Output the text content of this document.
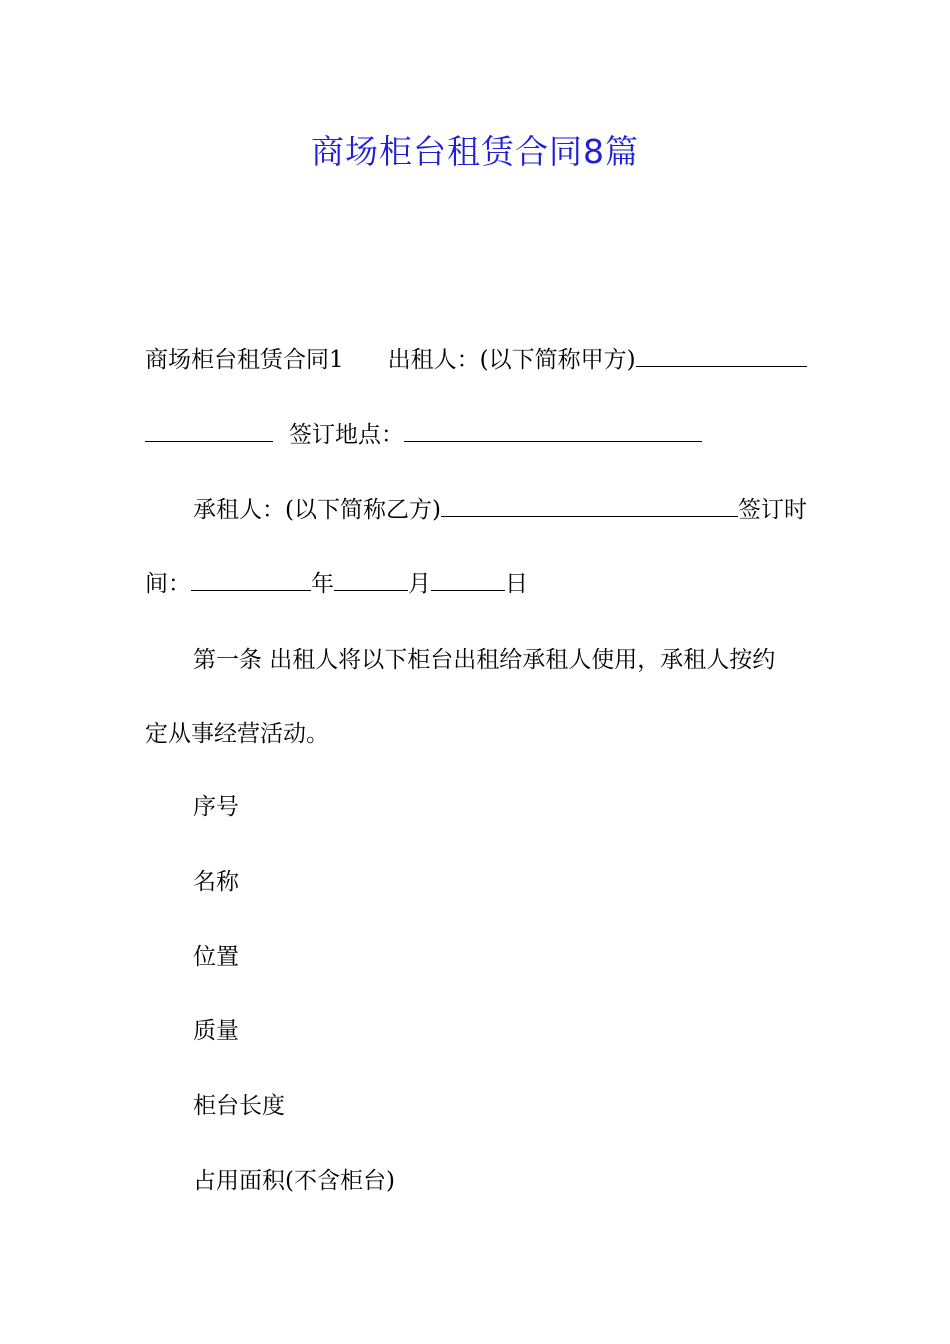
商场柜台租赁合同8篇
商场柜台租赁合同1 出租人：(以下简称甲方)
签订地点：
承租人：(以下简称乙方)	签订时
间：	年	月	日
第一条 出租人将以下柜台出租给承租人使用，承租人按约
定从事经营活动。
序号
名称
位置
质量
柜台长度
占用面积(不含柜台)
